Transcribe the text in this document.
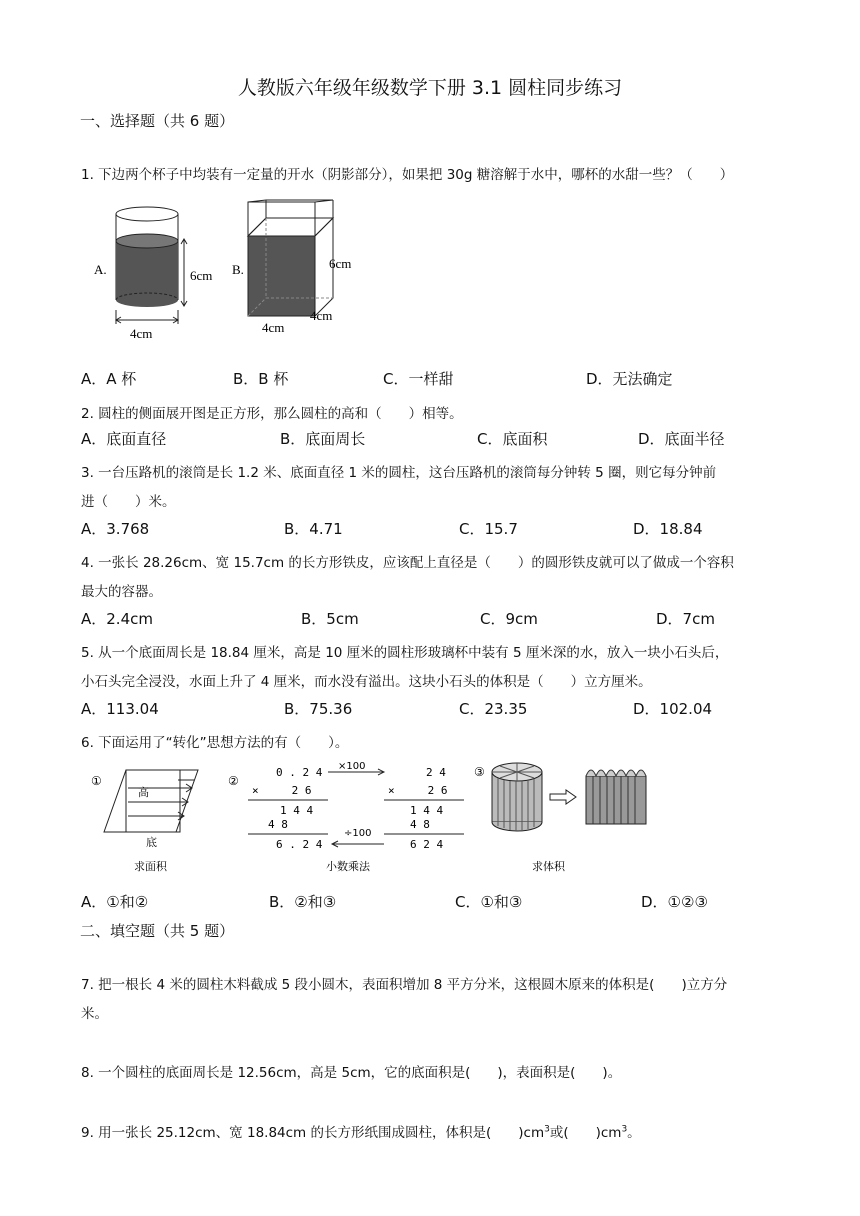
人教版六年级年级数学下册 3.1 圆柱同步练习
一、选择题（共 6 题）
1. 下边两个杯子中均装有一定量的开水（阴影部分），如果把 30g 糖溶解于水中，哪杯的水甜一些？（　　）
A.	6cm
4cm
B.	6cm
4cm
4cm
A．A 杯	B．B 杯	C．一样甜	D．无法确定
2. 圆柱的侧面展开图是正方形，那么圆柱的高和（　　）相等。
A．底面直径	B．底面周长	C．底面积	D．底面半径
3. 一台压路机的滚筒是长 1.2 米、底面直径 1 米的圆柱，这台压路机的滚筒每分钟转 5 圈，则它每分钟前
进（　　）米。
A．3.768	B．4.71	C．15.7	D．18.84
4. 一张长 28.26cm、宽 15.7cm 的长方形铁皮，应该配上直径是（　　）的圆形铁皮就可以了做成一个容积
最大的容器。
A．2.4cm	B．5cm	C．9cm	D．7cm
5. 从一个底面周长是 18.84 厘米，高是 10 厘米的圆柱形玻璃杯中装有 5 厘米深的水，放入一块小石头后，
小石头完全浸没，水面上升了 4 厘米，而水没有溢出。这块小石头的体积是（　　）立方厘米。
A．113.04	B．75.36	C．23.35	D．102.04
6. 下面运用了“转化”思想方法的有（　　）。
①
高
底
求面积
②
0 . 2 4
×　　　2 6
1 4 4
4 8
6 . 2 4
2 4
×　　　2 6
1 4 4
4 8
6 2 4
×100
÷100
小数乘法
③
求体积
A．①和②	B．②和③	C．①和③	D．①②③
二、填空题（共 5 题）
7. 把一根长 4 米的圆柱木料截成 5 段小圆木，表面积增加 8 平方分米，这根圆木原来的体积是(　　)立方分
米。
8. 一个圆柱的底面周长是 12.56cm，高是 5cm，它的底面积是(　　)，表面积是(　　)。
9. 用一张长 25.12cm、宽 18.84cm 的长方形纸围成圆柱，体积是(　　)$cm^3$或(　　)$cm^3$。
